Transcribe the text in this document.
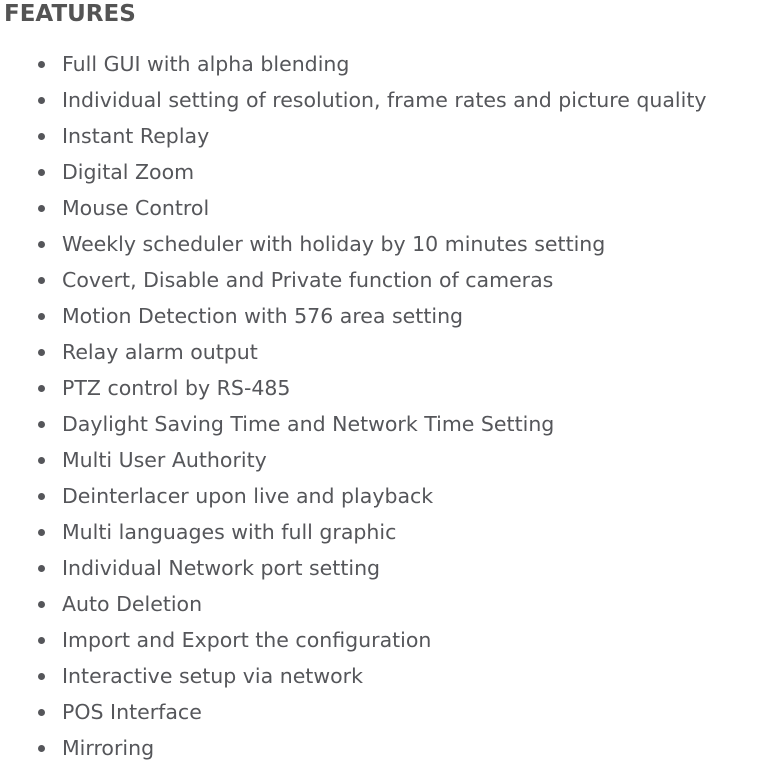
FEATURES
Full GUI with alpha blending
Individual setting of resolution, frame rates and picture quality
Instant Replay
Digital Zoom
Mouse Control
Weekly scheduler with holiday by 10 minutes setting
Covert, Disable and Private function of cameras
Motion Detection with 576 area setting
Relay alarm output
PTZ control by RS-485
Daylight Saving Time and Network Time Setting
Multi User Authority
Deinterlacer upon live and playback
Multi languages with full graphic
Individual Network port setting
Auto Deletion
Import and Export the configuration
Interactive setup via network
POS Interface
Mirroring
